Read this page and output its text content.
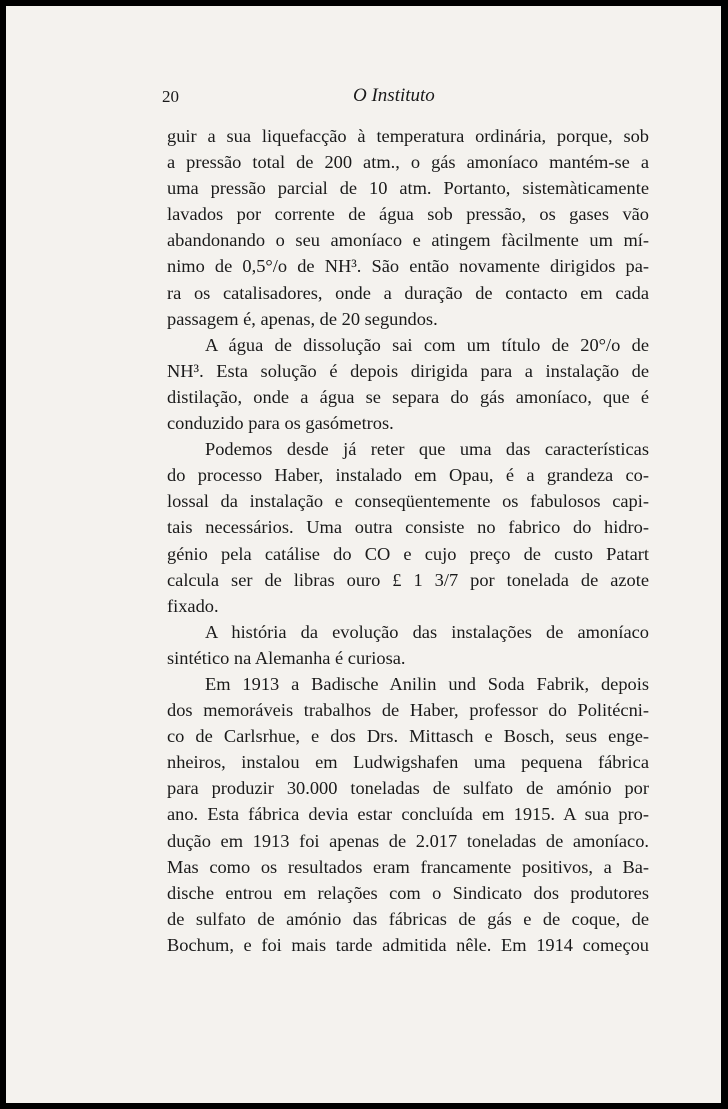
20	O Instituto
guir a sua liquefacção à temperatura ordinária, porque, sob
a pressão total de 200 atm., o gás amoníaco mantém-se a
uma pressão parcial de 10 atm. Portanto, sistemàticamente
lavados por corrente de água sob pressão, os gases vão
abandonando o seu amoníaco e atingem fàcilmente um mí-
nimo de 0,5°/o de NH³. São então novamente dirigidos pa-
ra os catalisadores, onde a duração de contacto em cada
passagem é, apenas, de 20 segundos.
A água de dissolução sai com um título de 20°/o de
NH³. Esta solução é depois dirigida para a instalação de
distilação, onde a água se separa do gás amoníaco, que é
conduzido para os gasómetros.
Podemos desde já reter que uma das características
do processo Haber, instalado em Opau, é a grandeza co-
lossal da instalação e conseqüentemente os fabulosos capi-
tais necessários. Uma outra consiste no fabrico do hidro-
génio pela catálise do CO e cujo preço de custo Patart
calcula ser de libras ouro £ 1 3/7 por tonelada de azote
fixado.
A história da evolução das instalações de amoníaco
sintético na Alemanha é curiosa.
Em 1913 a Badische Anilin und Soda Fabrik, depois
dos memoráveis trabalhos de Haber, professor do Politécni-
co de Carlsrhue, e dos Drs. Mittasch e Bosch, seus enge-
nheiros, instalou em Ludwigshafen uma pequena fábrica
para produzir 30.000 toneladas de sulfato de amónio por
ano. Esta fábrica devia estar concluída em 1915. A sua pro-
dução em 1913 foi apenas de 2.017 toneladas de amoníaco.
Mas como os resultados eram francamente positivos, a Ba-
dische entrou em relações com o Sindicato dos produtores
de sulfato de amónio das fábricas de gás e de coque, de
Bochum, e foi mais tarde admitida nêle. Em 1914 começou
